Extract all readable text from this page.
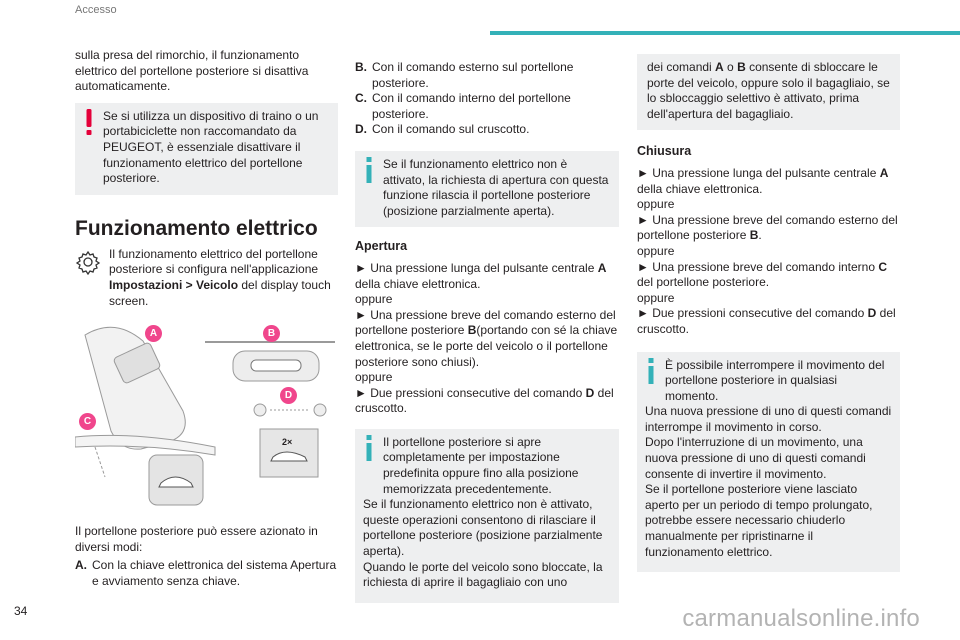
Accesso

sulla presa del rimorchio, il funzionamento elettrico del portellone posteriore si disattiva automaticamente.

Se si utilizza un dispositivo di traino o un portabiciclette non raccomandato da PEUGEOT, è essenziale disattivare il funzionamento elettrico del portellone posteriore.

Funzionamento elettrico

Il funzionamento elettrico del portellone posteriore si configura nell'applicazione Impostazioni > Veicolo del display touch screen.

A	B
C
D
2×

Il portellone posteriore può essere azionato in diversi modi:

A. Con la chiave elettronica del sistema Apertura e avviamento senza chiave.
B. Con il comando esterno sul portellone posteriore.
C. Con il comando interno del portellone posteriore.
D. Con il comando sul cruscotto.

Se il funzionamento elettrico non è attivato, la richiesta di apertura con questa funzione rilascia il portellone posteriore (posizione parzialmente aperta).

Apertura

► Una pressione lunga del pulsante centrale A della chiave elettronica.

oppure

► Una pressione breve del comando esterno del portellone posteriore B(portando con sé la chiave elettronica, se le porte del veicolo o il portellone posteriore sono chiusi).

oppure

► Due pressioni consecutive del comando D del cruscotto.

Il portellone posteriore si apre completamente per impostazione predefinita oppure fino alla posizione memorizzata precedentemente.

Se il funzionamento elettrico non è attivato, queste operazioni consentono di rilasciare il portellone posteriore (posizione parzialmente aperta).

Quando le porte del veicolo sono bloccate, la richiesta di aprire il bagagliaio con uno

dei comandi A o B consente di sbloccare le porte del veicolo, oppure solo il bagagliaio, se lo sbloccaggio selettivo è attivato, prima dell'apertura del bagagliaio.

Chiusura

► Una pressione lunga del pulsante centrale A della chiave elettronica.

oppure

► Una pressione breve del comando esterno del portellone posteriore B.

oppure

► Una pressione breve del comando interno C del portellone posteriore.

oppure

► Due pressioni consecutive del comando D del cruscotto.

È possibile interrompere il movimento del portellone posteriore in qualsiasi momento.

Una nuova pressione di uno di questi comandi interrompe il movimento in corso.

Dopo l'interruzione di un movimento, una nuova pressione di uno di questi comandi consente di invertire il movimento.

Se il portellone posteriore viene lasciato aperto per un periodo di tempo prolungato, potrebbe essere necessario chiuderlo manualmente per ripristinarne il funzionamento elettrico.

34	carmanualsonline.info
